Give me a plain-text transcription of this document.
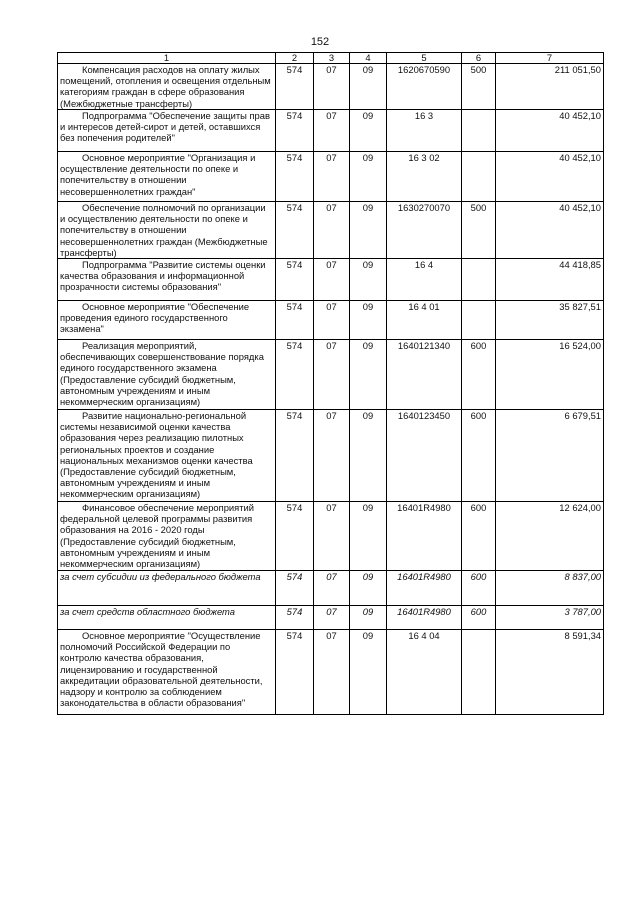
152
1	2	3	4	5	6	7
Компенсация расходов на оплату жилых помещений, отопления и освещения отдельным категориям граждан в сфере образования (Межбюджетные трансферты)	574	07	09	1620670590	500	211 051,50
Подпрограмма "Обеспечение защиты прав и интересов детей-сирот и детей, оставшихся без попечения родителей"	574	07	09	16 3		40 452,10
Основное мероприятие "Организация и осуществление деятельности по опеке и попечительству в отношении несовершеннолетних граждан"	574	07	09	16 3 02		40 452,10
Обеспечение полномочий по организации и осуществлению деятельности по опеке и попечительству в отношении несовершеннолетних граждан (Межбюджетные трансферты)	574	07	09	1630270070	500	40 452,10
Подпрограмма "Развитие системы оценки качества образования и информационной прозрачности системы образования"	574	07	09	16 4		44 418,85
Основное мероприятие "Обеспечение проведения единого государственного экзамена"	574	07	09	16 4 01		35 827,51
Реализация мероприятий, обеспечивающих совершенствование порядка единого государственного экзамена (Предоставление субсидий бюджетным, автономным учреждениям и иным некоммерческим организациям)	574	07	09	1640121340	600	16 524,00
Развитие национально-региональной системы независимой оценки качества образования через реализацию пилотных региональных проектов и создание национальных механизмов оценки качества (Предоставление субсидий бюджетным, автономным учреждениям и иным некоммерческим организациям)	574	07	09	1640123450	600	6 679,51
Финансовое обеспечение мероприятий федеральной целевой программы развития образования на 2016 - 2020 годы (Предоставление субсидий бюджетным, автономным учреждениям и иным некоммерческим организациям)	574	07	09	16401R4980	600	12 624,00
за счет субсидии из федерального бюджета	574	07	09	16401R4980	600	8 837,00
за счет средств областного бюджета	574	07	09	16401R4980	600	3 787,00
Основное мероприятие "Осуществление полномочий Российской Федерации по контролю качества образования, лицензированию и государственной аккредитации образовательной деятельности, надзору и контролю за соблюдением законодательства в области образования"	574	07	09	16 4 04		8 591,34
